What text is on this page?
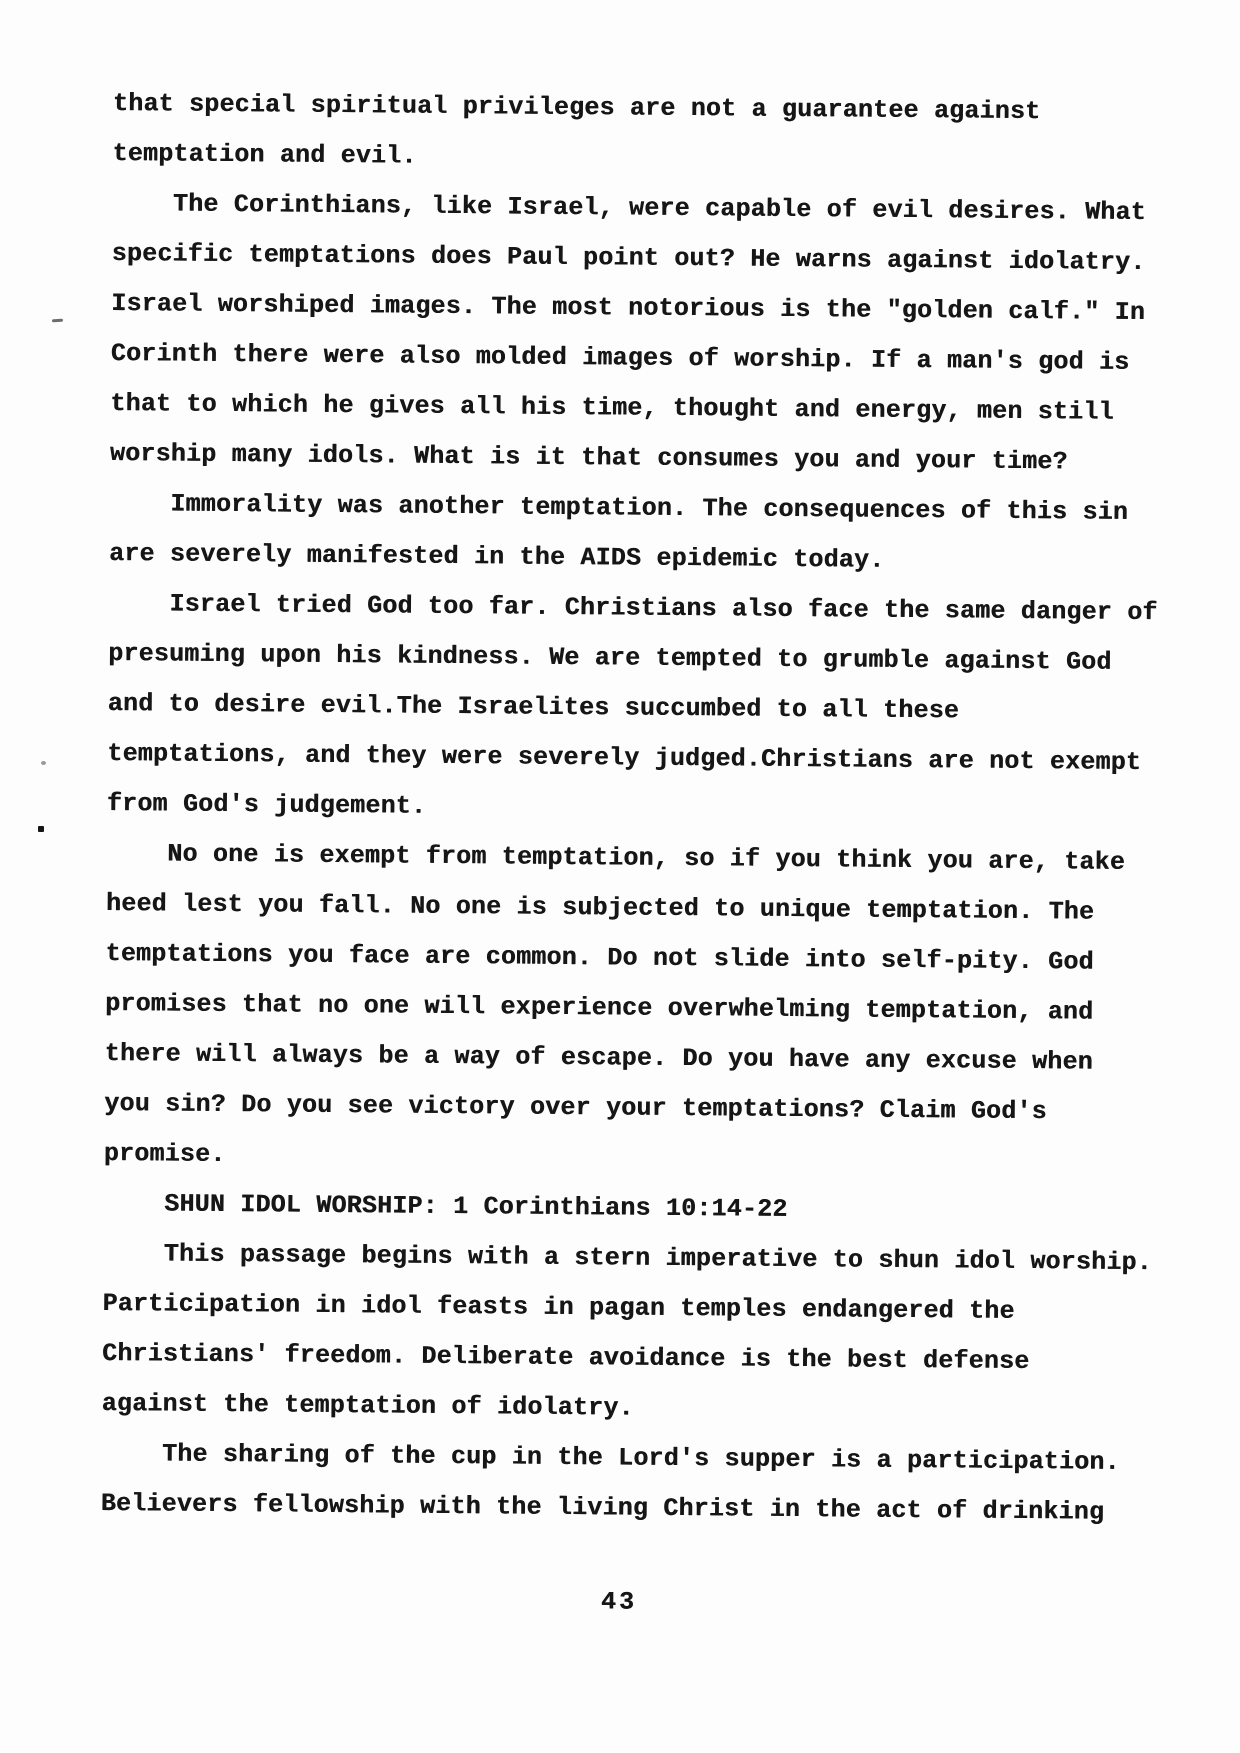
that special spiritual privileges are not a guarantee against
temptation and evil.
The Corinthians, like Israel, were capable of evil desires. What
specific temptations does Paul point out? He warns against idolatry.
Israel worshiped images. The most notorious is the "golden calf." In
Corinth there were also molded images of worship. If a man's god is
that to which he gives all his time, thought and energy, men still
worship many idols. What is it that consumes you and your time?
Immorality was another temptation. The consequences of this sin
are severely manifested in the AIDS epidemic today.
Israel tried God too far. Christians also face the same danger of
presuming upon his kindness. We are tempted to grumble against God
and to desire evil.The Israelites succumbed to all these
temptations, and they were severely judged.Christians are not exempt
from God's judgement.
No one is exempt from temptation, so if you think you are, take
heed lest you fall. No one is subjected to unique temptation. The
temptations you face are common. Do not slide into self-pity. God
promises that no one will experience overwhelming temptation, and
there will always be a way of escape. Do you have any excuse when
you sin? Do you see victory over your temptations? Claim God's
promise.
SHUN IDOL WORSHIP: 1 Corinthians 10:14-22
This passage begins with a stern imperative to shun idol worship.
Participation in idol feasts in pagan temples endangered the
Christians' freedom. Deliberate avoidance is the best defense
against the temptation of idolatry.
The sharing of the cup in the Lord's supper is a participation.
Believers fellowship with the living Christ in the act of drinking
43
